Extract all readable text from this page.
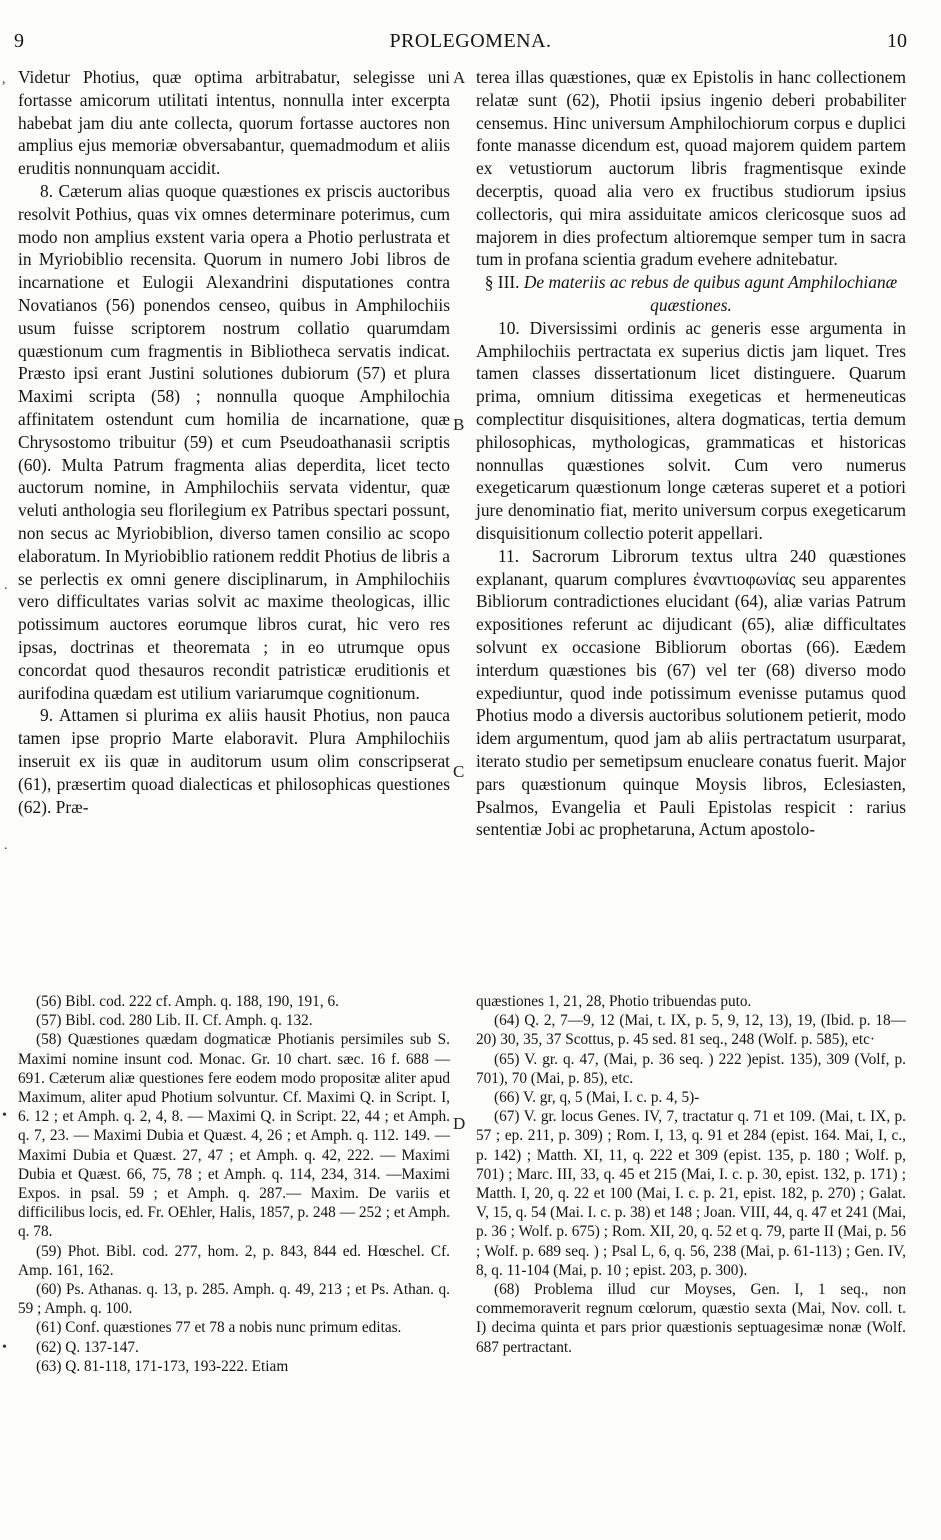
9	PROLEGOMENA.	10
A
B
C
D
,
.
.
•
•

Videtur Photius, quæ optima arbitrabatur, selegisse uni fortasse amicorum utilitati intentus, nonnulla inter excerpta habebat jam diu ante collecta, quorum fortasse auctores non amplius ejus memoriæ obversabantur, quemadmodum et aliis eruditis nonnunquam accidit.

8. Cæterum alias quoque quæstiones ex priscis auctoribus resolvit Pothius, quas vix omnes determinare poterimus, cum modo non amplius exstent varia opera a Photio perlustrata et in Myriobiblio recensita. Quorum in numero Jobi libros de incarnatione et Eulogii Alexandrini disputationes contra Novatianos (56) ponendos censeo, quibus in Amphilochiis usum fuisse scriptorem nostrum collatio quarumdam quæstionum cum fragmentis in Bibliotheca servatis indicat. Præsto ipsi erant Justini solutiones dubiorum (57) et plura Maximi scripta (58) ; nonnulla quoque Amphilochia affinitatem ostendunt cum homilia de incarnatione, quæ Chrysostomo tribuitur (59) et cum Pseudoathanasii scriptis (60). Multa Patrum fragmenta alias deperdita, licet tecto auctorum nomine, in Amphilochiis servata videntur, quæ veluti anthologia seu florilegium ex Patribus spectari possunt, non secus ac Myriobiblion, diverso tamen consilio ac scopo elaboratum. In Myriobiblio rationem reddit Photius de libris a se perlectis ex omni genere disciplinarum, in Amphilochiis vero difficultates varias solvit ac maxime theologicas, illic potissimum auctores eorumque libros curat, hic vero res ipsas, doctrinas et theoremata ; in eo utrumque opus concordat quod thesauros recondit patristicæ eruditionis et aurifodina quædam est utilium variarumque cognitionum.

9. Attamen si plurima ex aliis hausit Photius, non pauca tamen ipse proprio Marte elaboravit. Plura Amphilochiis inseruit ex iis quæ in auditorum usum olim conscripserat (61), præsertim quoad dialecticas et philosophicas questiones (62). Præ-

terea illas quæstiones, quæ ex Epistolis in hanc collectionem relatæ sunt (62), Photii ipsius ingenio deberi probabiliter censemus. Hinc universum Amphilochiorum corpus e duplici fonte manasse dicendum est, quoad majorem quidem partem ex vetustiorum auctorum libris fragmentisque exinde decerptis, quoad alia vero ex fructibus studiorum ipsius collectoris, qui mira assiduitate amicos clericosque suos ad majorem in dies profectum altioremque semper tum in sacra tum in profana scientia gradum evehere adnitebatur.

§ III. De materiis ac rebus de quibus agunt Amphilochianæ quæstiones.

10. Diversissimi ordinis ac generis esse argumenta in Amphilochiis pertractata ex superius dictis jam liquet. Tres tamen classes dissertationum licet distinguere. Quarum prima, omnium ditissima exegeticas et hermeneuticas complectitur disquisitiones, altera dogmaticas, tertia demum philosophicas, mythologicas, grammaticas et historicas nonnullas quæstiones solvit. Cum vero numerus exegeticarum quæstionum longe cæteras superet et a potiori jure denominatio fiat, merito universum corpus exegeticarum disquisitionum collectio poterit appellari.

11. Sacrorum Librorum textus ultra 240 quæstiones explanant, quarum complures ἐναντιοφωνίας seu apparentes Bibliorum contradictiones elucidant (64), aliæ varias Patrum expositiones referunt ac dijudicant (65), aliæ difficultates solvunt ex occasione Bibliorum obortas (66). Eædem interdum quæstiones bis (67) vel ter (68) diverso modo expediuntur, quod inde potissimum evenisse putamus quod Photius modo a diversis auctoribus solutionem petierit, modo idem argumentum, quod jam ab aliis pertractatum usurparat, iterato studio per semetipsum enucleare conatus fuerit. Major pars quæstionum quinque Moysis libros, Eclesiasten, Psalmos, Evangelia et Pauli Epistolas respicit : rarius sententiæ Jobi ac prophetaruna, Actum apostolo-

(56) Bibl. cod. 222 cf. Amph. q. 188, 190, 191, 6.

(57) Bibl. cod. 280 Lib. II. Cf. Amph. q. 132.

(58) Quæstiones quædam dogmaticæ Photianis persimiles sub S. Maximi nomine insunt cod. Monac. Gr. 10 chart. sæc. 16 f. 688 — 691. Cæterum aliæ questiones fere eodem modo propositæ aliter apud Maximum, aliter apud Photium solvuntur. Cf. Maximi Q. in Script. I, 6. 12 ; et Amph. q. 2, 4, 8. — Maximi Q. in Script. 22, 44 ; et Amph. q. 7, 23. — Maximi Dubia et Quæst. 4, 26 ; et Amph. q. 112. 149. — Maximi Dubia et Quæst. 27, 47 ; et Amph. q. 42, 222. — Maximi Dubia et Quæst. 66, 75, 78 ; et Amph. q. 114, 234, 314. —Maximi Expos. in psal. 59 ; et Amph. q. 287.— Maxim. De variis et difficilibus locis, ed. Fr. OEhler, Halis, 1857, p. 248 — 252 ; et Amph. q. 78.

(59) Phot. Bibl. cod. 277, hom. 2, p. 843, 844 ed. Hœschel. Cf. Amp. 161, 162.

(60) Ps. Athanas. q. 13, p. 285. Amph. q. 49, 213 ; et Ps. Athan. q. 59 ; Amph. q. 100.

(61) Conf. quæstiones 77 et 78 a nobis nunc primum editas.

(62) Q. 137-147.

(63) Q. 81-118, 171-173, 193-222. Etiam

quæstiones 1, 21, 28, Photio tribuendas puto.

(64) Q. 2, 7—9, 12 (Mai, t. IX, p. 5, 9, 12, 13), 19, (Ibid. p. 18—20) 30, 35, 37 Scottus, p. 45 sed. 81 seq., 248 (Wolf. p. 585), etc·

(65) V. gr. q. 47, (Mai, p. 36 seq. ) 222 )epist. 135), 309 (Volf, p. 701), 70 (Mai, p. 85), etc.

(66) V. gr, q, 5 (Mai, I. c. p. 4, 5)-

(67) V. gr. locus Genes. IV, 7, tractatur q. 71 et 109. (Mai, t. IX, p. 57 ; ep. 211, p. 309) ; Rom. I, 13, q. 91 et 284 (epist. 164. Mai, I, c., p. 142) ; Matth. XI, 11, q. 222 et 309 (epist. 135, p. 180 ; Wolf. p, 701) ; Marc. III, 33, q. 45 et 215 (Mai, I. c. p. 30, epist. 132, p. 171) ; Matth. I, 20, q. 22 et 100 (Mai, I. c. p. 21, epist. 182, p. 270) ; Galat. V, 15, q. 54 (Mai. I. c. p. 38) et 148 ; Joan. VIII, 44, q. 47 et 241 (Mai, p. 36 ; Wolf. p. 675) ; Rom. XII, 20, q. 52 et q. 79, parte II (Mai, p. 56 ; Wolf. p. 689 seq. ) ; Psal L, 6, q. 56, 238 (Mai, p. 61-113) ; Gen. IV, 8, q. 11-104 (Mai, p. 10 ; epist. 203, p. 300).

(68) Problema illud cur Moyses, Gen. I, 1 seq., non commemoraverit regnum cœlorum, quæstio sexta (Mai, Nov. coll. t. I) decima quinta et pars prior quæstionis septuagesimæ nonæ (Wolf. 687 pertractant.
